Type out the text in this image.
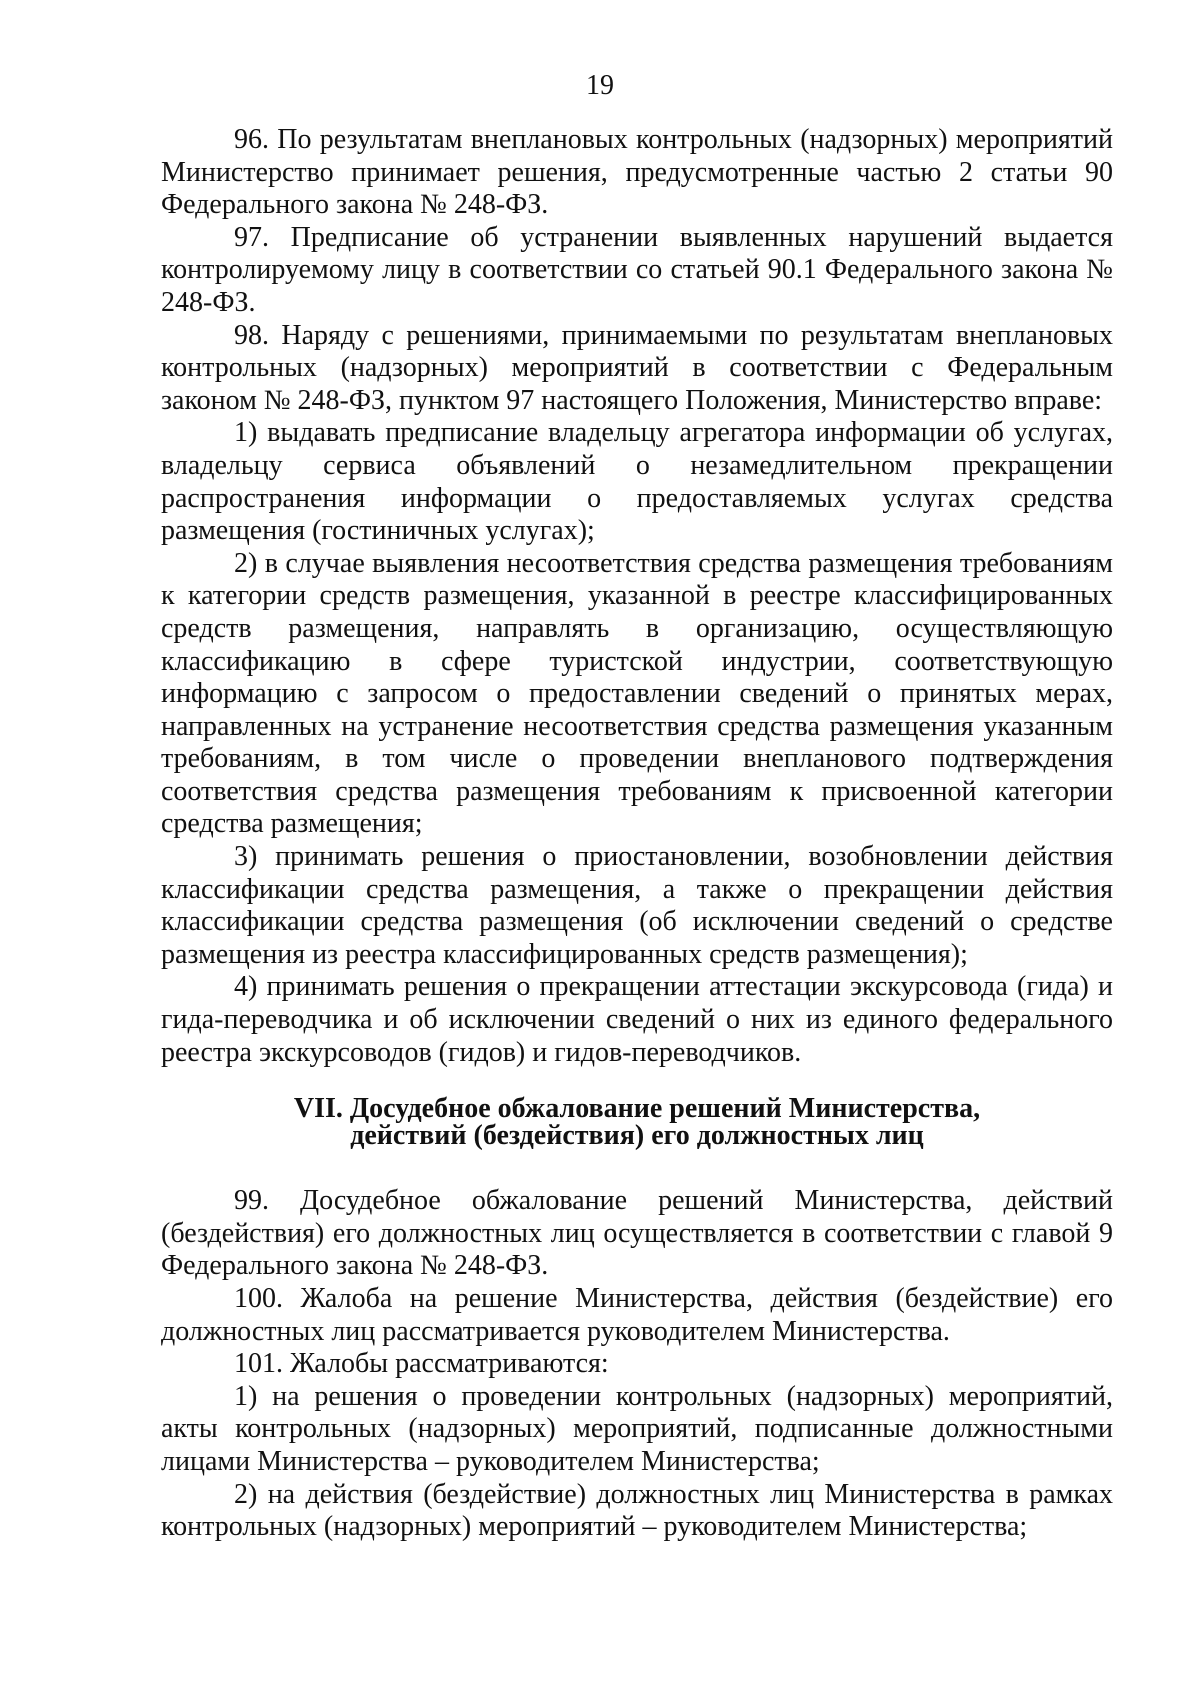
19

96. По результатам внеплановых контрольных (надзорных) мероприятий Министерство принимает решения, предусмотренные частью 2 статьи 90 Федерального закона № 248-ФЗ.

97. Предписание об устранении выявленных нарушений выдается контролируемому лицу в соответствии со статьей 90.1 Федерального закона № 248-ФЗ.

98. Наряду с решениями, принимаемыми по результатам внеплановых контрольных (надзорных) мероприятий в соответствии с Федеральным законом № 248-ФЗ, пунктом 97 настоящего Положения, Министерство вправе:

1) выдавать предписание владельцу агрегатора информации об услугах, владельцу сервиса объявлений о незамедлительном прекращении распространения информации о предоставляемых услугах средства размещения (гостиничных услугах);

2) в случае выявления несоответствия средства размещения требованиям к категории средств размещения, указанной в реестре классифицированных средств размещения, направлять в организацию, осуществляющую классификацию в сфере туристской индустрии, соответствующую информацию с запросом о предоставлении сведений о принятых мерах, направленных на устранение несоответствия средства размещения указанным требованиям, в том числе о проведении внепланового подтверждения соответствия средства размещения требованиям к присвоенной категории средства размещения;

3) принимать решения о приостановлении, возобновлении действия классификации средства размещения, а также о прекращении действия классификации средства размещения (об исключении сведений о средстве размещения из реестра классифицированных средств размещения);

4) принимать решения о прекращении аттестации экскурсовода (гида) и гида-переводчика и об исключении сведений о них из единого федерального реестра экскурсоводов (гидов) и гидов-переводчиков.

VII. Досудебное обжалование решений Министерства,
действий (бездействия) его должностных лиц

99. Досудебное обжалование решений Министерства, действий (бездействия) его должностных лиц осуществляется в соответствии с главой 9 Федерального закона № 248-ФЗ.

100. Жалоба на решение Министерства, действия (бездействие) его должностных лиц рассматривается руководителем Министерства.

101. Жалобы рассматриваются:

1) на решения о проведении контрольных (надзорных) мероприятий, акты контрольных (надзорных) мероприятий, подписанные должностными лицами Министерства – руководителем Министерства;

2) на действия (бездействие) должностных лиц Министерства в рамках контрольных (надзорных) мероприятий – руководителем Министерства;
